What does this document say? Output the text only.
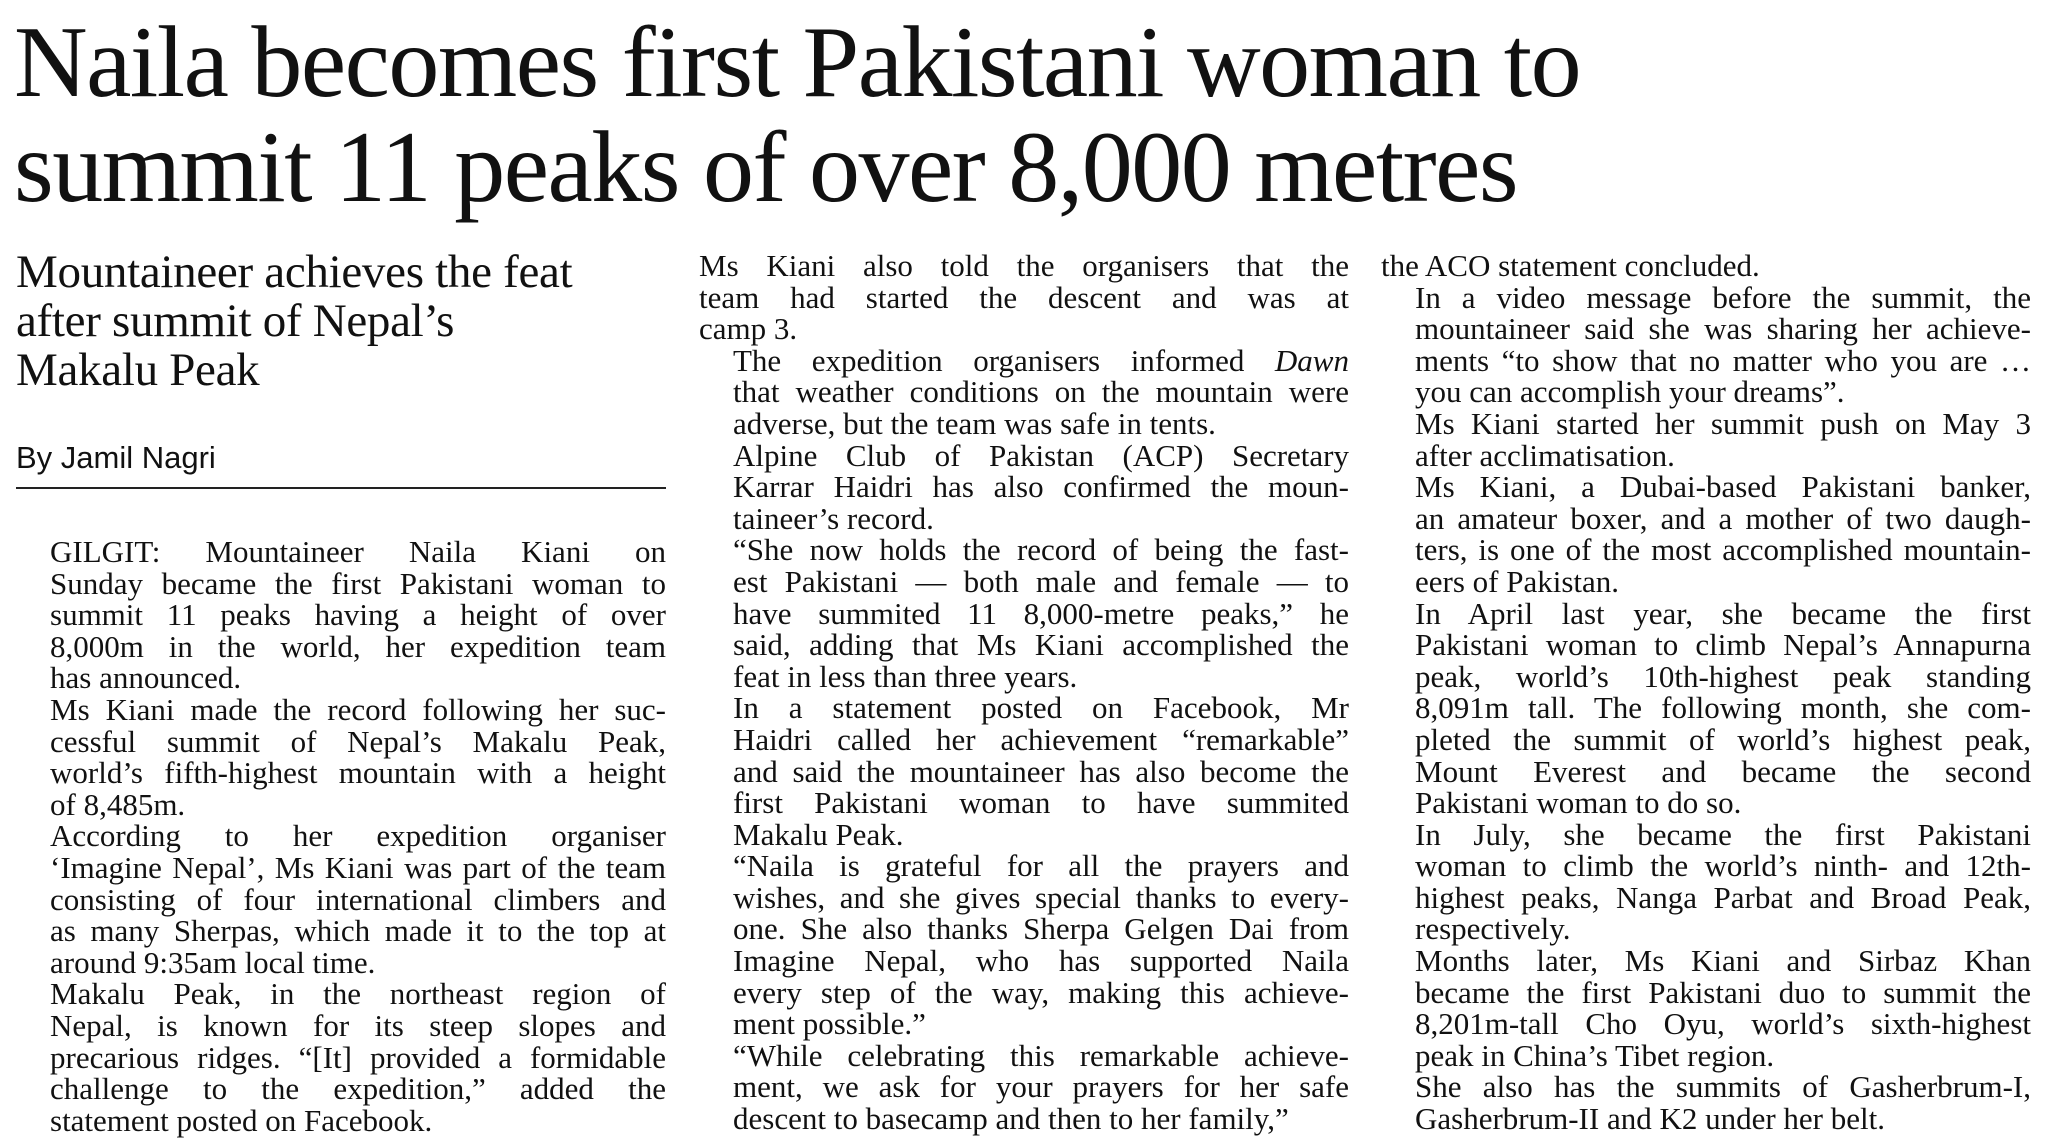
Naila becomes first Pakistani woman to
summit 11 peaks of over 8,000 metres
Mountaineer achieves the feat
after summit of Nepal’s
Makalu Peak
By Jamil Nagri

GILGIT: Mountaineer Naila Kiani on
Sunday became the first Pakistani woman to
summit 11 peaks having a height of over
8,000m in the world, her expedition team
has announced.

Ms Kiani made the record following her suc-
cessful summit of Nepal’s Makalu Peak,
world’s fifth-highest mountain with a height
of 8,485m.

According to her expedition organiser
‘Imagine Nepal’, Ms Kiani was part of the team
consisting of four international climbers and
as many Sherpas, which made it to the top at
around 9:35am local time.

Makalu Peak, in the northeast region of
Nepal, is known for its steep slopes and
precarious ridges. “[It] provided a formidable
challenge to the expedition,” added the
statement posted on Facebook.

Ms Kiani also told the organisers that the
team had started the descent and was at
camp 3.

The expedition organisers informed Dawn
that weather conditions on the mountain were
adverse, but the team was safe in tents.

Alpine Club of Pakistan (ACP) Secretary
Karrar Haidri has also confirmed the moun-
taineer’s record.

“She now holds the record of being the fast-
est Pakistani — both male and female — to
have summited 11 8,000-metre peaks,” he
said, adding that Ms Kiani accomplished the
feat in less than three years.

In a statement posted on Facebook, Mr
Haidri called her achievement “remarkable”
and said the mountaineer has also become the
first Pakistani woman to have summited
Makalu Peak.

“Naila is grateful for all the prayers and
wishes, and she gives special thanks to every-
one. She also thanks Sherpa Gelgen Dai from
Imagine Nepal, who has supported Naila
every step of the way, making this achieve-
ment possible.”

“While celebrating this remarkable achieve-
ment, we ask for your prayers for her safe
descent to basecamp and then to her family,”

the ACO statement concluded.

In a video message before the summit, the
mountaineer said she was sharing her achieve-
ments “to show that no matter who you are …
you can accomplish your dreams”.

Ms Kiani started her summit push on May 3
after acclimatisation.

Ms Kiani, a Dubai-based Pakistani banker,
an amateur boxer, and a mother of two daugh-
ters, is one of the most accomplished mountain-
eers of Pakistan.

In April last year, she became the first
Pakistani woman to climb Nepal’s Annapurna
peak, world’s 10th-highest peak standing
8,091m tall. The following month, she com-
pleted the summit of world’s highest peak,
Mount Everest and became the second
Pakistani woman to do so.

In July, she became the first Pakistani
woman to climb the world’s ninth- and 12th-
highest peaks, Nanga Parbat and Broad Peak,
respectively.

Months later, Ms Kiani and Sirbaz Khan
became the first Pakistani duo to summit the
8,201m-tall Cho Oyu, world’s sixth-highest
peak in China’s Tibet region.

She also has the summits of Gasherbrum-I,
Gasherbrum-II and K2 under her belt.
